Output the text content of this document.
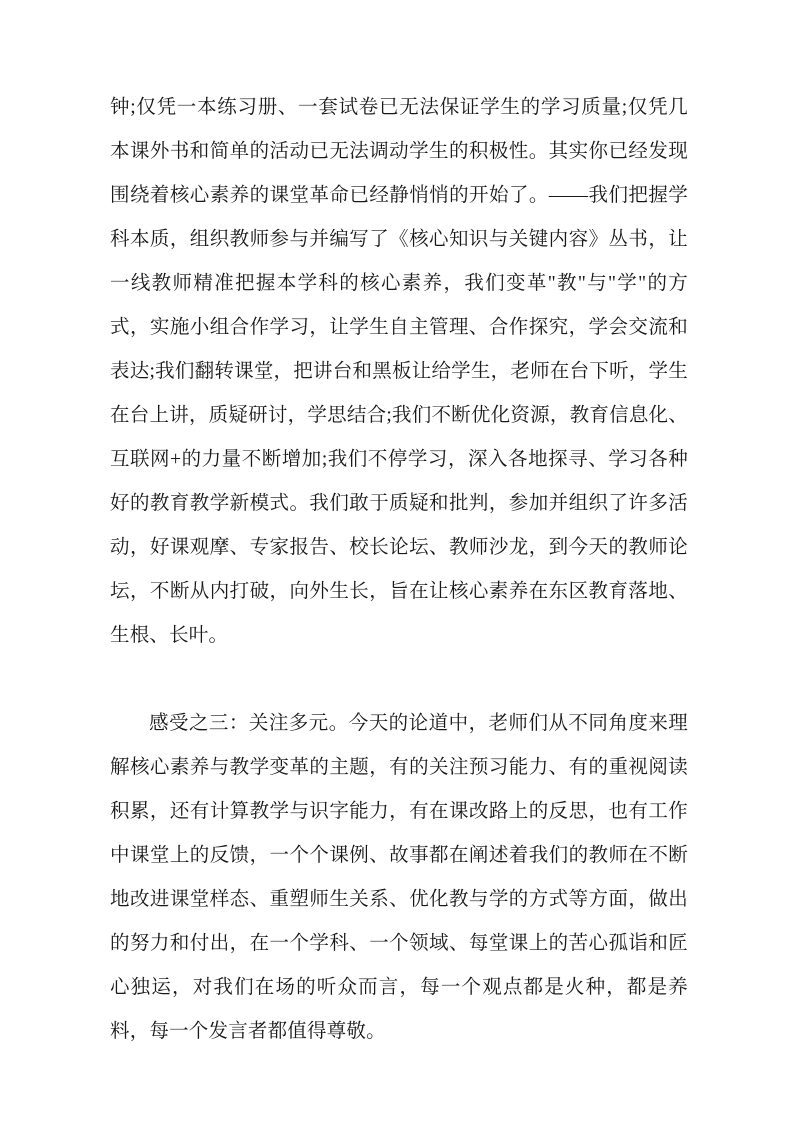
钟;仅凭一本练习册、一套试卷已无法保证学生的学习质量;仅凭几本课外书和简单的活动已无法调动学生的积极性。其实你已经发现围绕着核心素养的课堂革命已经静悄悄的开始了。——我们把握学科本质，组织教师参与并编写了《核心知识与关键内容》丛书，让一线教师精准把握本学科的核心素养，我们变革"教"与"学"的方式，实施小组合作学习，让学生自主管理、合作探究，学会交流和表达;我们翻转课堂，把讲台和黑板让给学生，老师在台下听，学生在台上讲，质疑研讨，学思结合;我们不断优化资源，教育信息化、互联网+的力量不断增加;我们不停学习，深入各地探寻、学习各种好的教育教学新模式。我们敢于质疑和批判，参加并组织了许多活动，好课观摩、专家报告、校长论坛、教师沙龙，到今天的教师论坛，不断从内打破，向外生长，旨在让核心素养在东区教育落地、生根、长叶。

感受之三：关注多元。今天的论道中，老师们从不同角度来理解核心素养与教学变革的主题，有的关注预习能力、有的重视阅读积累，还有计算教学与识字能力，有在课改路上的反思，也有工作中课堂上的反馈，一个个课例、故事都在阐述着我们的教师在不断地改进课堂样态、重塑师生关系、优化教与学的方式等方面，做出的努力和付出，在一个学科、一个领域、每堂课上的苦心孤诣和匠心独运，对我们在场的听众而言，每一个观点都是火种，都是养料，每一个发言者都值得尊敬。
